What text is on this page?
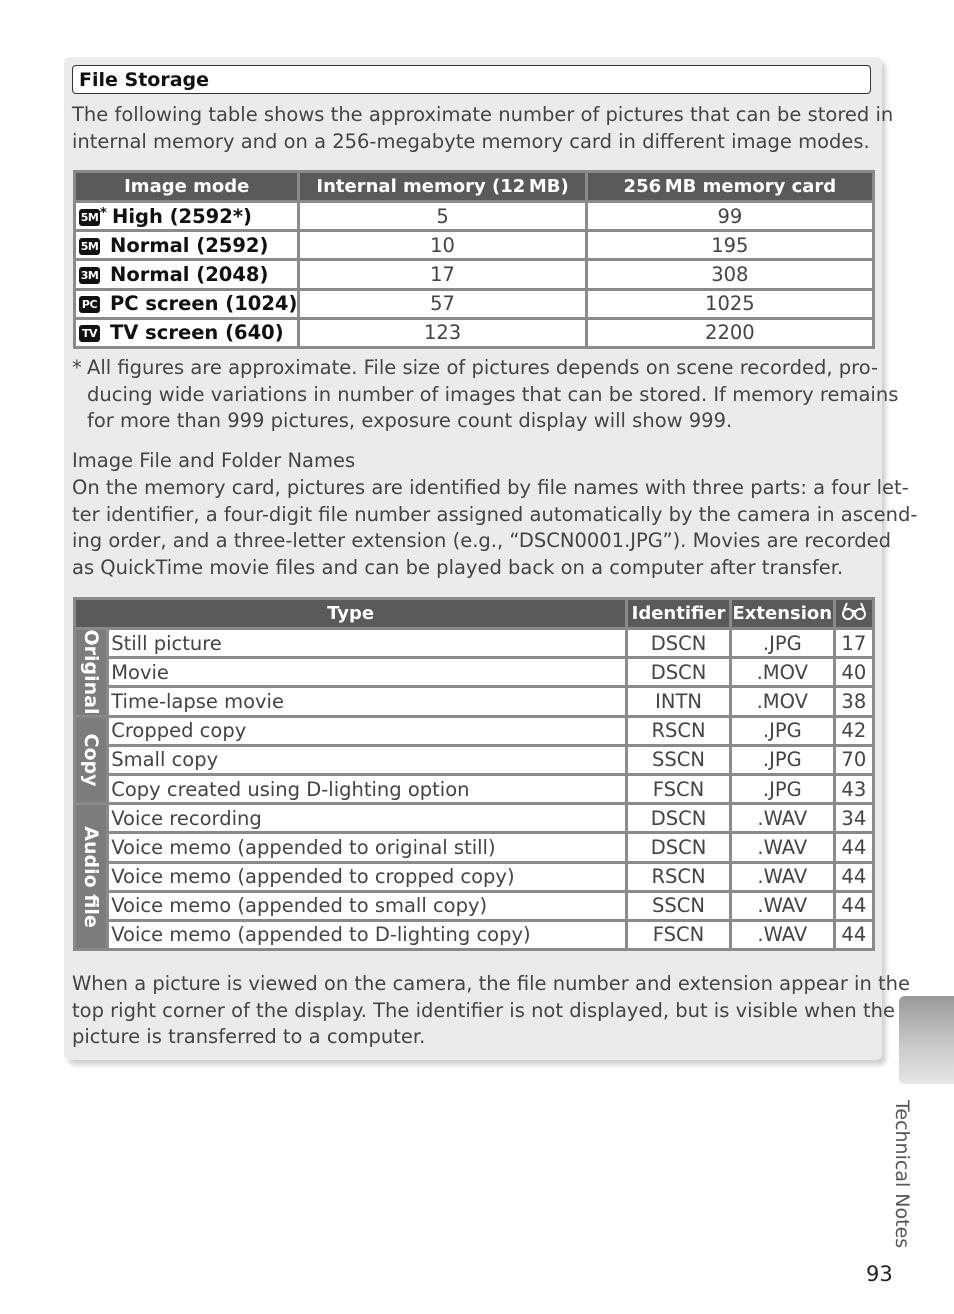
File Storage

The following table shows the approximate number of pictures that can be stored in
internal memory and on a 256-megabyte memory card in different image modes.

Image mode	Internal memory (12 MB)	256 MB memory card
5M * High (2592*)	5	99
5M Normal (2592)	10	195
3M Normal (2048)	17	308
PC PC screen (1024)	57	1025
TV TV screen (640)	123	2200
* All figures are approximate. File size of pictures depends on scene recorded, pro-
ducing wide variations in number of images that can be stored. If memory remains
for more than 999 pictures, exposure count display will show 999.
Image File and Folder Names

On the memory card, pictures are identified by file names with three parts: a four let-
ter identifier, a four-digit file number assigned automatically by the camera in ascend-
ing order, and a three-letter extension (e.g., “DSCN0001.JPG”). Movies are recorded
as QuickTime movie files and can be played back on a computer after transfer.

Type		Identifier	Extension	

Original	Still picture	DSCN	.JPG	17
	Movie	DSCN	.MOV	40
	Time-lapse movie	INTN	.MOV	38

Copy	Cropped copy	RSCN	.JPG	42
	Small copy	SSCN	.JPG	70
	Copy created using D-lighting option	FSCN	.JPG	43

Audio file	Voice recording	DSCN	.WAV	34
	Voice memo (appended to original still)	DSCN	.WAV	44
	Voice memo (appended to cropped copy)	RSCN	.WAV	44
	Voice memo (appended to small copy)	SSCN	.WAV	44
	Voice memo (appended to D-lighting copy)	FSCN	.WAV	44

When a picture is viewed on the camera, the file number and extension appear in the
top right corner of the display. The identifier is not displayed, but is visible when the
picture is transferred to a computer.

Technical Notes
93
